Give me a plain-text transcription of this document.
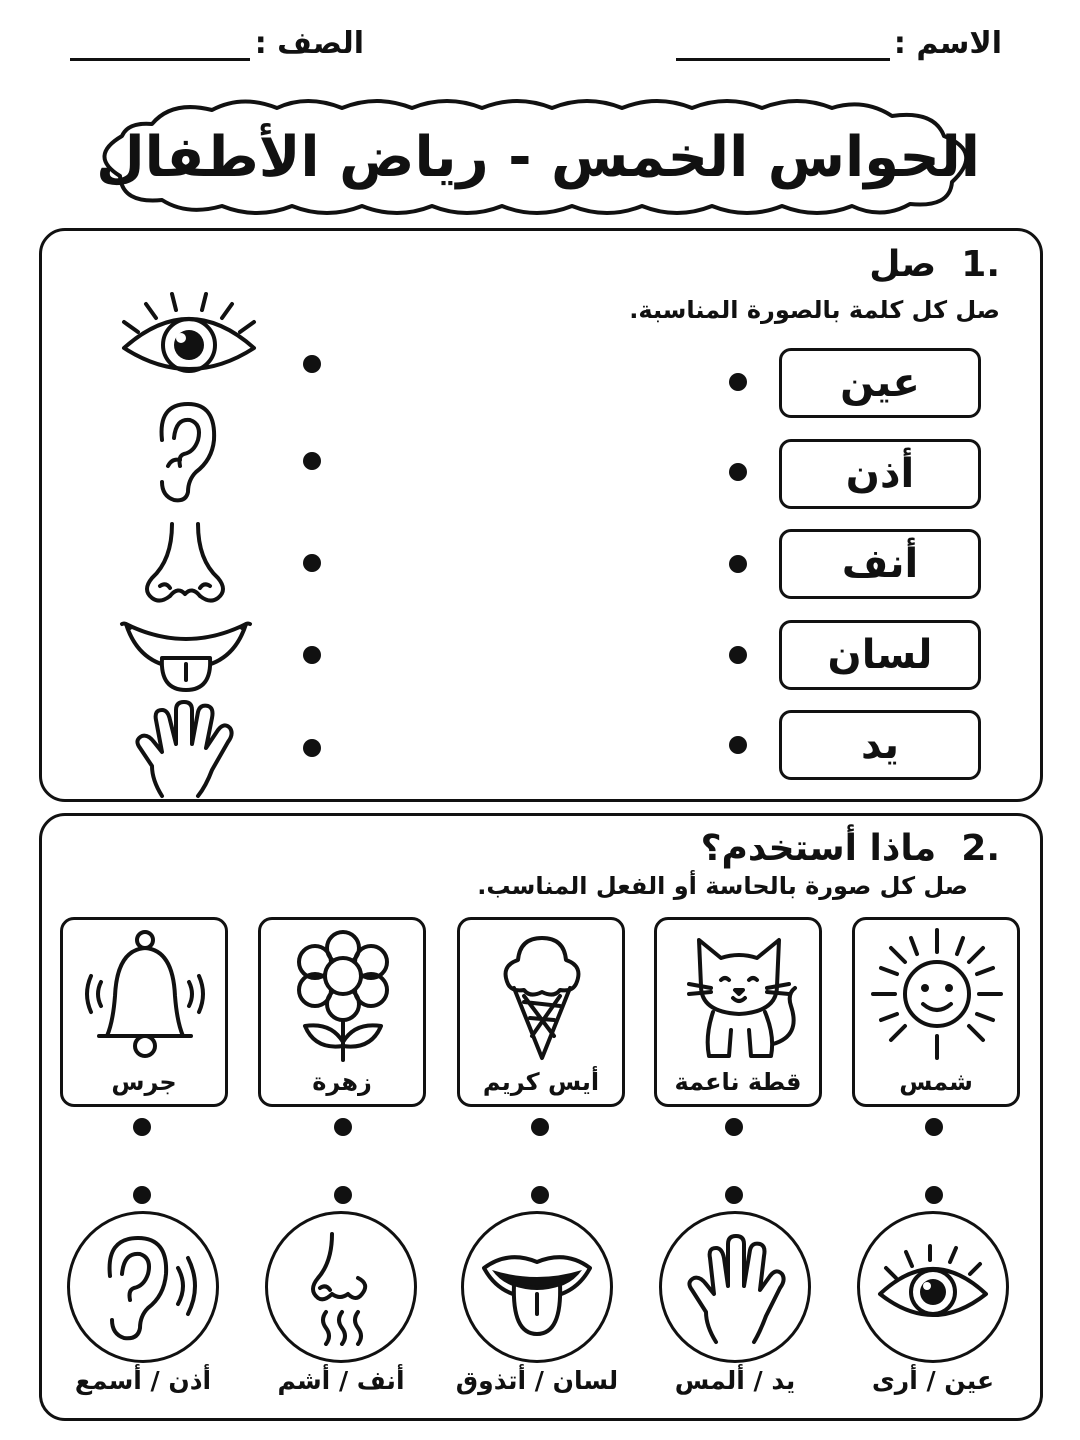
الاسم :
الصف :
الحواس الخمس - رياض الأطفال
صل 1.
صل كل كلمة بالصورة المناسبة.
عين
أذن
أنف
لسان
يد
ماذا أستخدم؟ 2.
صل كل صورة بالحاسة أو الفعل المناسب.
شمس
قطة ناعمة
أيس كريم
زهرة
جرس
عين / أرى
يد / ألمس
لسان / أتذوق
أنف / أشم
أذن / أسمع
